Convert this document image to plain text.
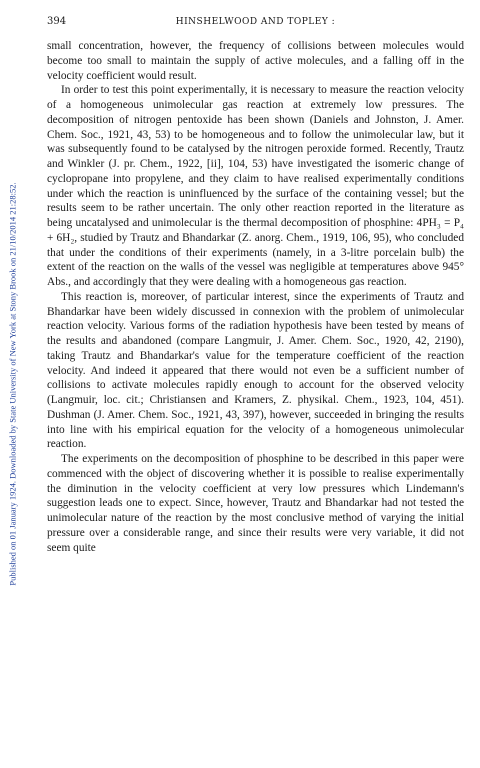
Published on 01 January 1924. Downloaded by State University of New York at Stony Brook on 21/10/2014 21:28:52.
394	HINSHELWOOD AND TOPLEY :

small concentration, however, the frequency of collisions between molecules would become too small to maintain the supply of active molecules, and a falling off in the velocity coefficient would result.

In order to test this point experimentally, it is necessary to measure the reaction velocity of a homogeneous unimolecular gas reaction at extremely low pressures. The decomposition of nitrogen pentoxide has been shown (Daniels and Johnston, J. Amer. Chem. Soc., 1921, 43, 53) to be homogeneous and to follow the unimolecular law, but it was subsequently found to be catalysed by the nitrogen peroxide formed. Recently, Trautz and Winkler (J. pr. Chem., 1922, [ii], 104, 53) have investigated the isomeric change of cyclopropane into propylene, and they claim to have realised experimentally conditions under which the reaction is uninfluenced by the surface of the containing vessel; but the results seem to be rather uncertain. The only other reaction reported in the literature as being uncatalysed and unimolecular is the thermal decomposition of phosphine: 4PH₃ = P₄ + 6H₂, studied by Trautz and Bhandarkar (Z. anorg. Chem., 1919, 106, 95), who concluded that under the conditions of their experiments (namely, in a 3-litre porcelain bulb) the extent of the reaction on the walls of the vessel was negligible at temperatures above 945° Abs., and accordingly that they were dealing with a homogeneous gas reaction.

This reaction is, moreover, of particular interest, since the experiments of Trautz and Bhandarkar have been widely discussed in connexion with the problem of unimolecular reaction velocity. Various forms of the radiation hypothesis have been tested by means of the results and abandoned (compare Langmuir, J. Amer. Chem. Soc., 1920, 42, 2190), taking Trautz and Bhandarkar's value for the temperature coefficient of the reaction velocity. And indeed it appeared that there would not even be a sufficient number of collisions to activate molecules rapidly enough to account for the observed velocity (Langmuir, loc. cit.; Christiansen and Kramers, Z. physikal. Chem., 1923, 104, 451). Dushman (J. Amer. Chem. Soc., 1921, 43, 397), however, succeeded in bringing the results into line with his empirical equation for the velocity of a homogeneous unimolecular reaction.

The experiments on the decomposition of phosphine to be described in this paper were commenced with the object of discovering whether it is possible to realise experimentally the diminution in the velocity coefficient at very low pressures which Lindemann's suggestion leads one to expect. Since, however, Trautz and Bhandarkar had not tested the unimolecular nature of the reaction by the most conclusive method of varying the initial pressure over a considerable range, and since their results were very variable, it did not seem quite
